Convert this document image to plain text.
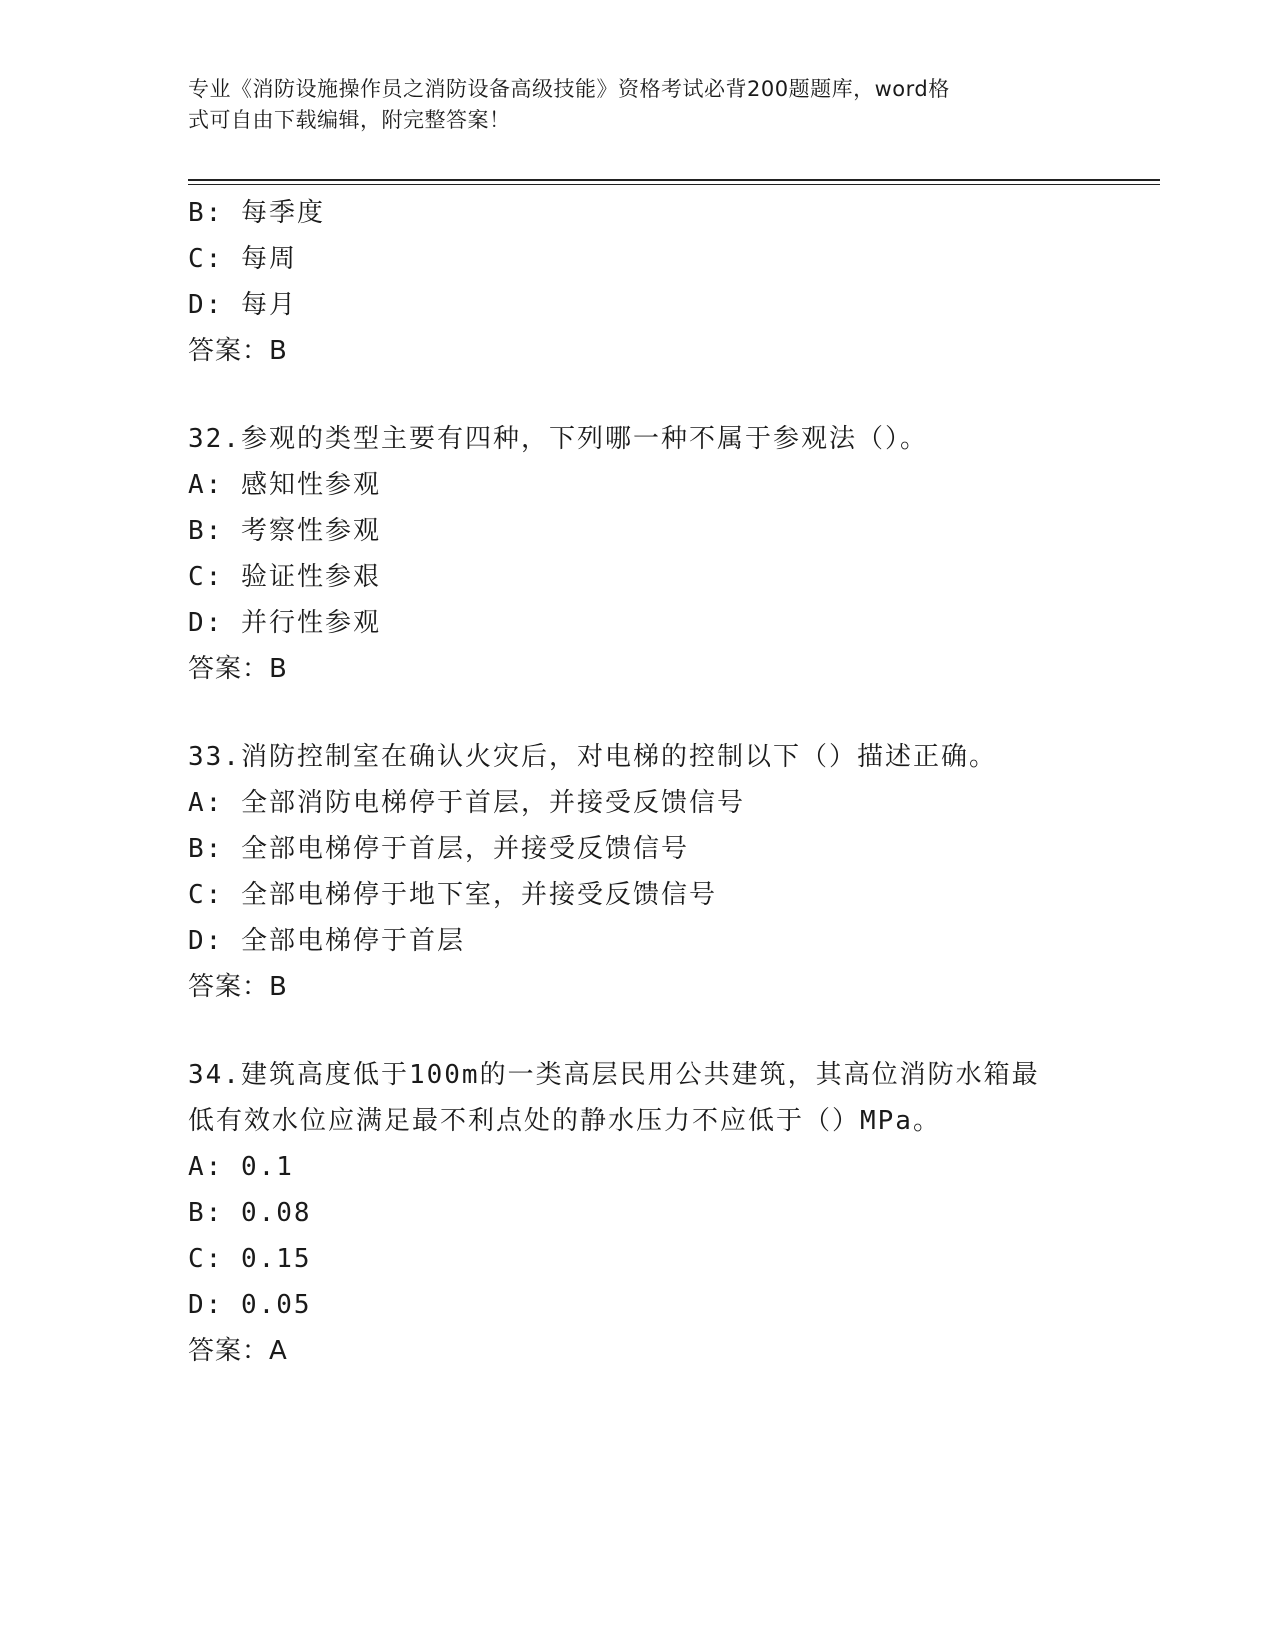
专业《消防设施操作员之消防设备高级技能》资格考试必背200题题库，word格
式可自由下载编辑，附完整答案！
B: 每季度
C: 每周
D: 每月
答案：B
32.参观的类型主要有四种，下列哪一种不属于参观法（）。
A: 感知性参观
B: 考察性参观
C: 验证性参艰
D: 并行性参观
答案：B
33.消防控制室在确认火灾后，对电梯的控制以下（）描述正确。
A: 全部消防电梯停于首层，并接受反馈信号
B: 全部电梯停于首层，并接受反馈信号
C: 全部电梯停于地下室，并接受反馈信号
D: 全部电梯停于首层
答案：B
34.建筑高度低于100m的一类高层民用公共建筑，其高位消防水箱最
低有效水位应满足最不利点处的静水压力不应低于（）MPa。
A: 0.1
B: 0.08
C: 0.15
D: 0.05
答案：A
